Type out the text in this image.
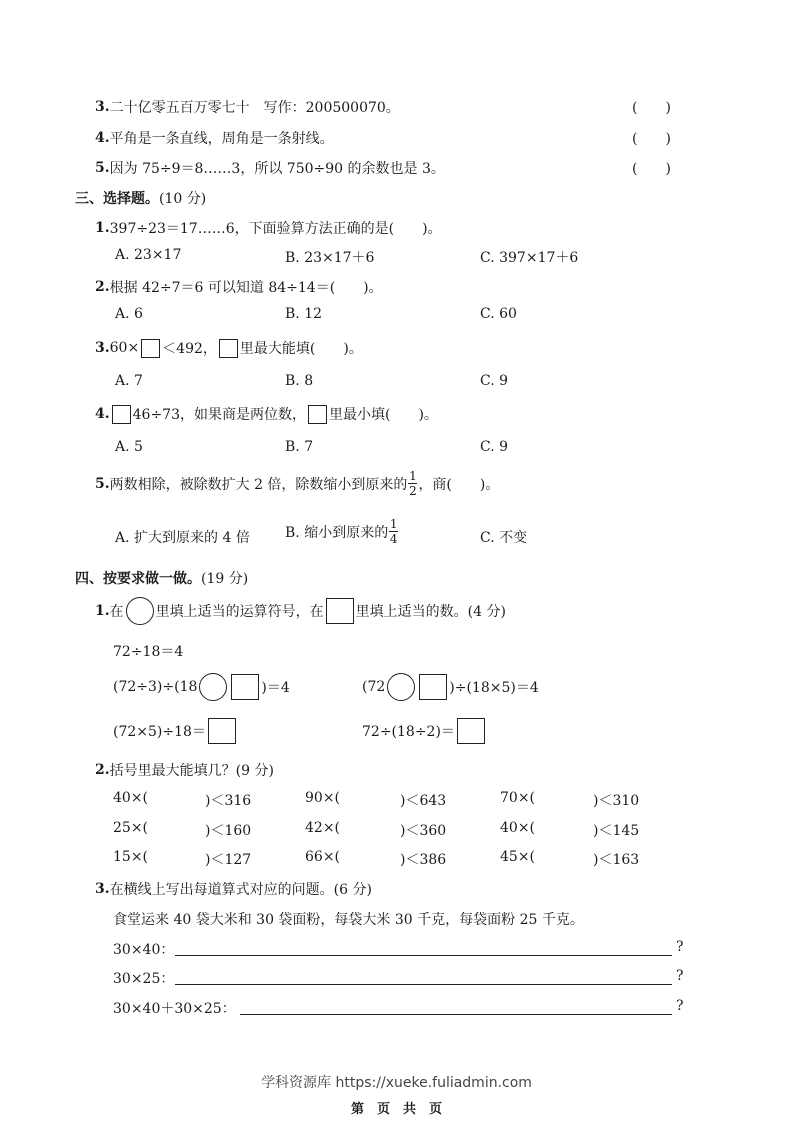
3. 二十亿零五百万零七十　写作：200500070。	(　　)
4. 平角是一条直线，周角是一条射线。	(　　)
5. 因为 75÷9＝8……3，所以 750÷90 的余数也是 3。	(　　)
三、选择题。(10 分)
1. 397÷23＝17……6，下面验算方法正确的是(　　)。
A. 23×17	B. 23×17＋6	C. 397×17＋6
2. 根据 42÷7＝6 可以知道 84÷14＝(　　)。
A. 6	B. 12	C. 60
3. 60× ＜492， 里最大能填(　　)。
A. 7	B. 8	C. 9
4. 46÷73，如果商是两位数， 里最小填(　　)。
A. 5	B. 7	C. 9
5. 两数相除，被除数扩大 2 倍，除数缩小到原来的 $\frac{1}{2}$ ，商(　　)。
A. 扩大到原来的 4 倍	B. 缩小到原来的 $\frac{1}{4}$	C. 不变
四、按要求做一做。(19 分)
1. 在 里填上适当的运算符号，在 里填上适当的数。(4 分)
72÷18＝4
(72÷3)÷(18	)＝4	(72	)÷(18×5)＝4
(72×5)÷18＝	72÷(18÷2)＝
2. 括号里最大能填几？(9 分)
40×(	)＜316	90×(	)＜643	70×(	)＜310
25×(	)＜160	42×(	)＜360	40×(	)＜145
15×(	)＜127	66×(	)＜386	45×(	)＜163
3. 在横线上写出每道算式对应的问题。(6 分)
食堂运来 40 袋大米和 30 袋面粉，每袋大米 30 千克，每袋面粉 25 千克。
30×40：	?
30×25：	?
30×40＋30×25：	?
学科资源库 https://xueke.fuliadmin.com
第　页　共　页
